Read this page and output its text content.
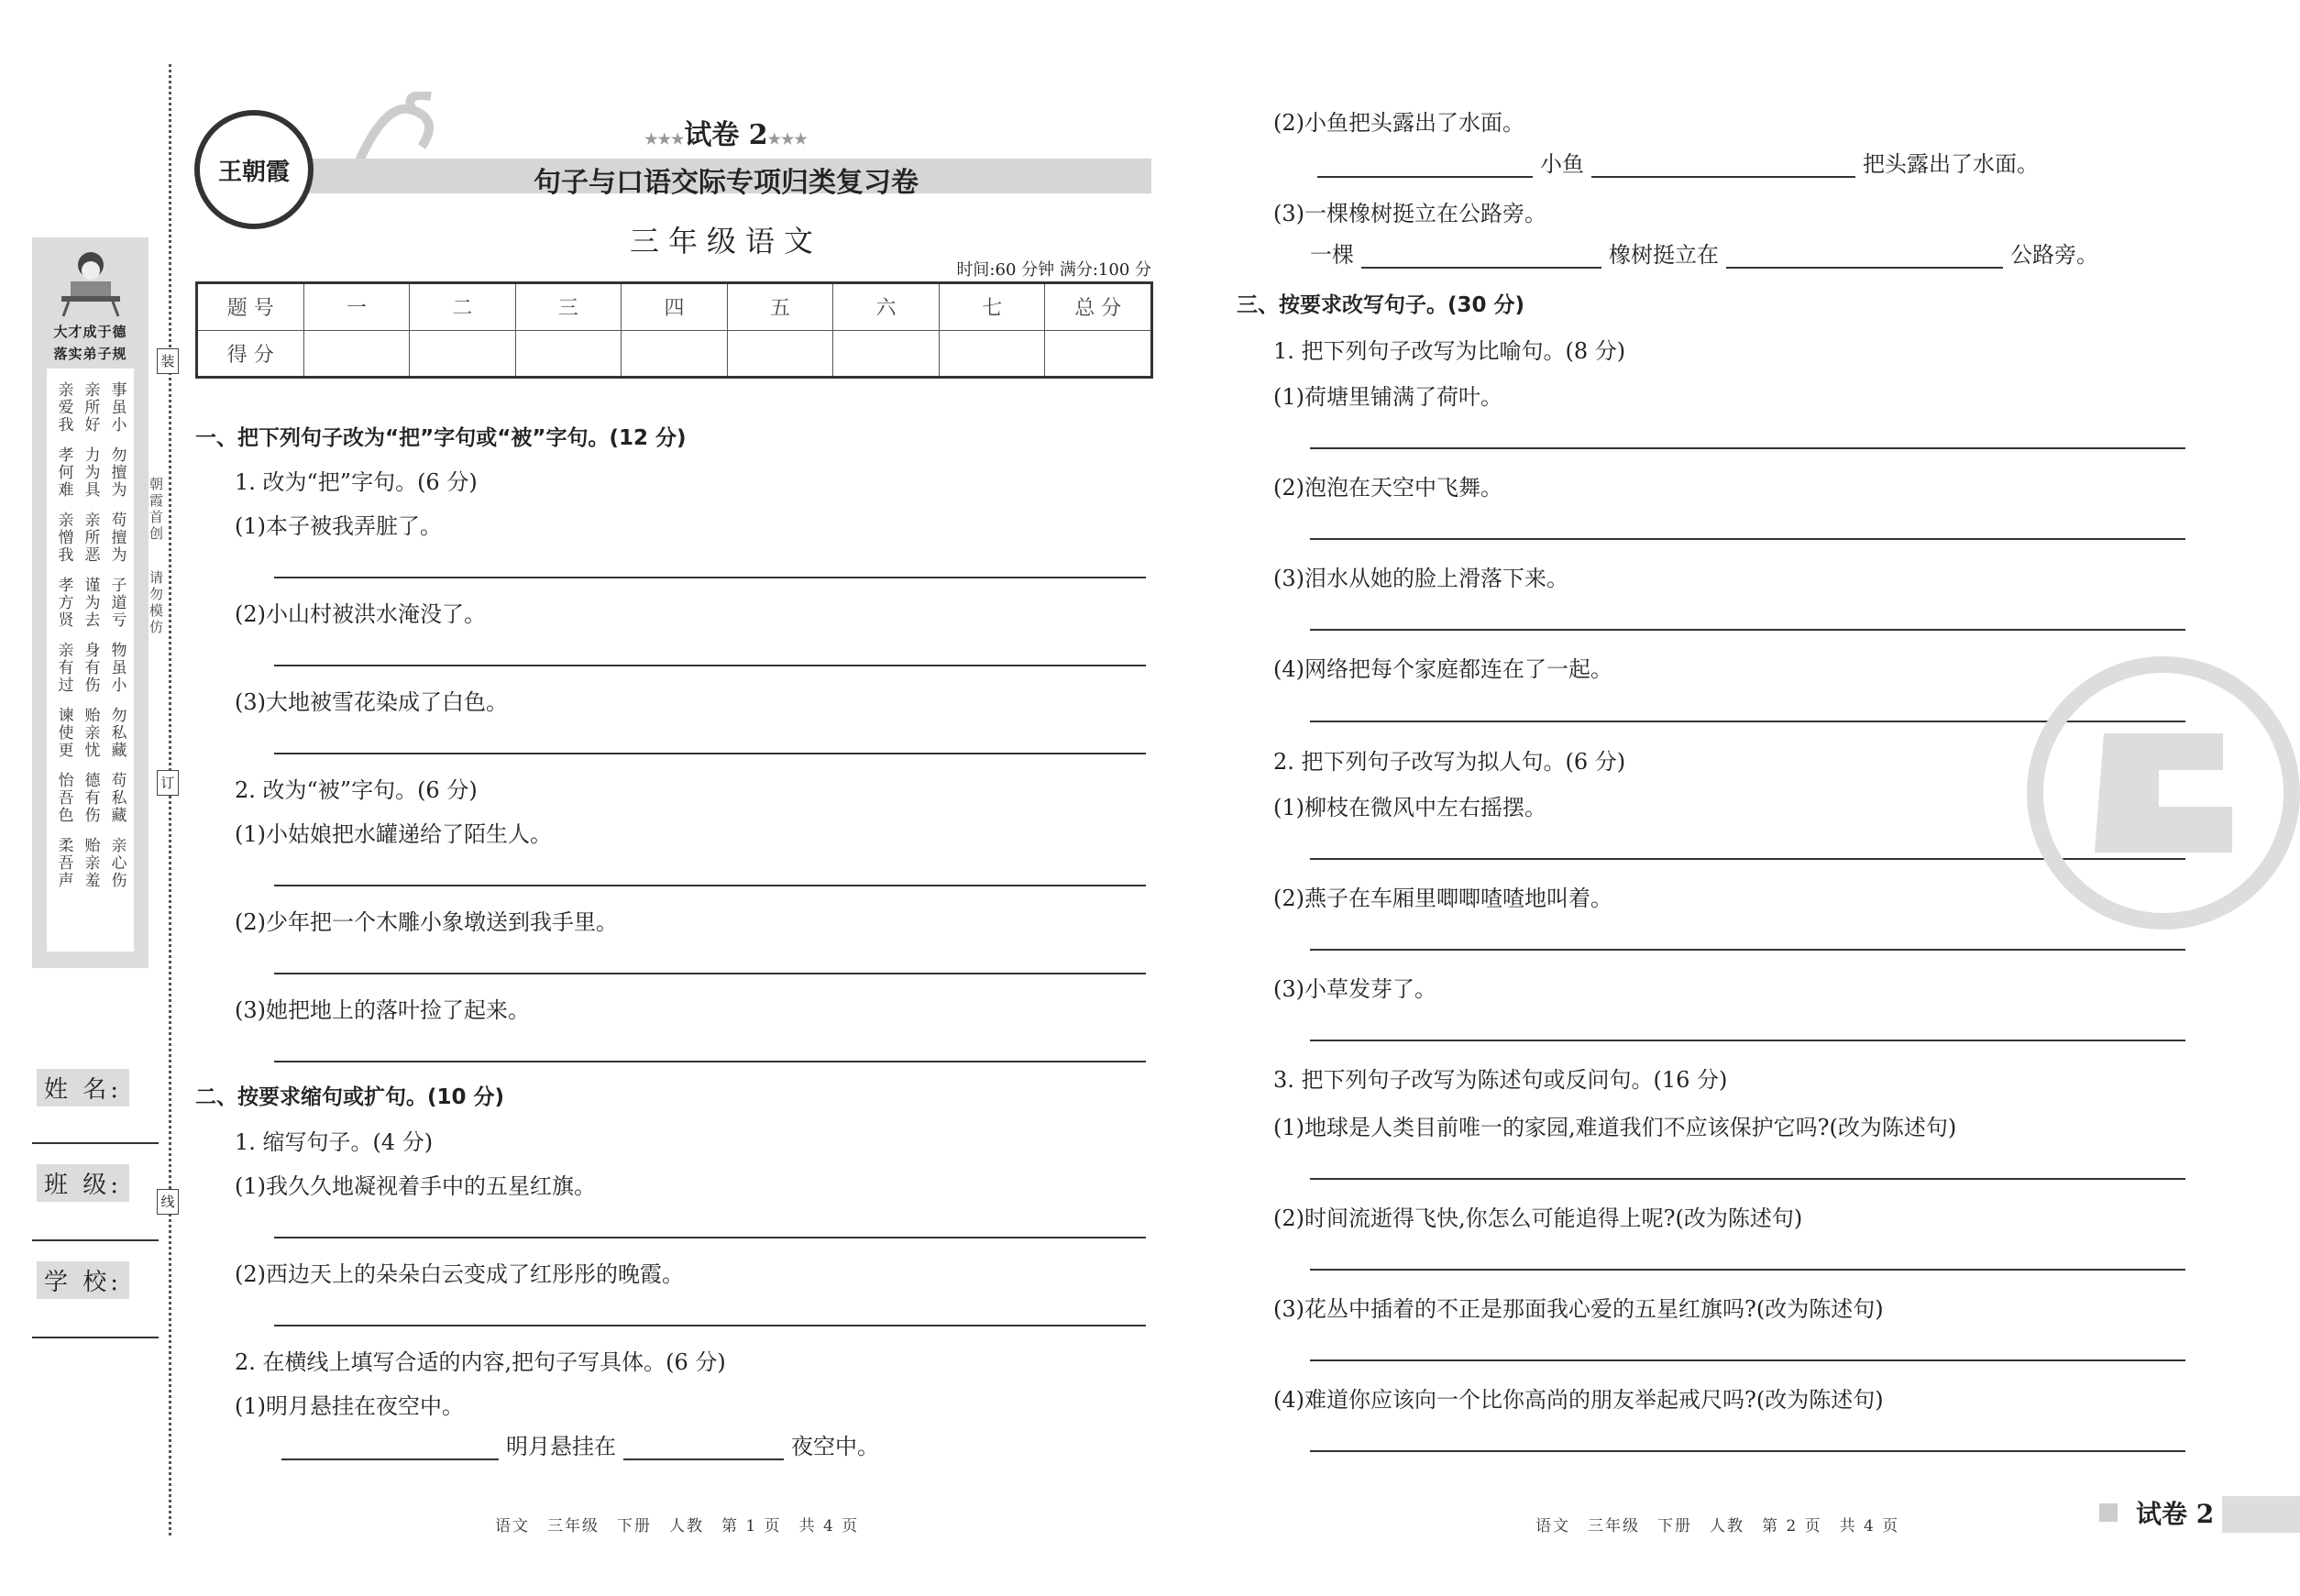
大才成于德
落实弟子规
亲爱我 亲所好 事虽小
孝何难 力为具 勿擅为
亲憎我 亲所恶 苟擅为
孝方贤 谨为去 子道亏
亲有过 身有伤 物虽小
谏使更 贻亲忧 勿私藏
怡吾色 德有伤 苟私藏
柔吾声 贻亲羞 亲心伤
装
订
线
朝霞首创
请勿模仿
姓 名:
班 级:
学 校:
王朝霞
★★★试卷 2★★★
句子与口语交际专项归类复习卷
三年级语文
时间:60 分钟 满分:100 分
题 号	一	二	三	四	五	六	七	总 分
得 分								
一、把下列句子改为“把”字句或“被”字句。(12 分)
1. 改为“把”字句。(6 分)
(1)本子被我弄脏了。
(2)小山村被洪水淹没了。
(3)大地被雪花染成了白色。
2. 改为“被”字句。(6 分)
(1)小姑娘把水罐递给了陌生人。
(2)少年把一个木雕小象墩送到我手里。
(3)她把地上的落叶捡了起来。
二、按要求缩句或扩句。(10 分)
1. 缩写句子。(4 分)
(1)我久久地凝视着手中的五星红旗。
(2)西边天上的朵朵白云变成了红彤彤的晚霞。
2. 在横线上填写合适的内容,把句子写具体。(6 分)
(1)明月悬挂在夜空中。
明月悬挂在	夜空中。
(2)小鱼把头露出了水面。
小鱼	把头露出了水面。
(3)一棵橡树挺立在公路旁。
一棵	橡树挺立在	公路旁。
三、按要求改写句子。(30 分)
1. 把下列句子改写为比喻句。(8 分)
(1)荷塘里铺满了荷叶。
(2)泡泡在天空中飞舞。
(3)泪水从她的脸上滑落下来。
(4)网络把每个家庭都连在了一起。
2. 把下列句子改写为拟人句。(6 分)
(1)柳枝在微风中左右摇摆。
(2)燕子在车厢里唧唧喳喳地叫着。
(3)小草发芽了。
3. 把下列句子改写为陈述句或反问句。(16 分)
(1)地球是人类目前唯一的家园,难道我们不应该保护它吗?(改为陈述句)
(2)时间流逝得飞快,你怎么可能追得上呢?(改为陈述句)
(3)花丛中插着的不正是那面我心爱的五星红旗吗?(改为陈述句)
(4)难道你应该向一个比你高尚的朋友举起戒尺吗?(改为陈述句)
语文　三年级　下册　人教　第 1 页　共 4 页	语文　三年级　下册　人教　第 2 页　共 4 页	试卷 2
